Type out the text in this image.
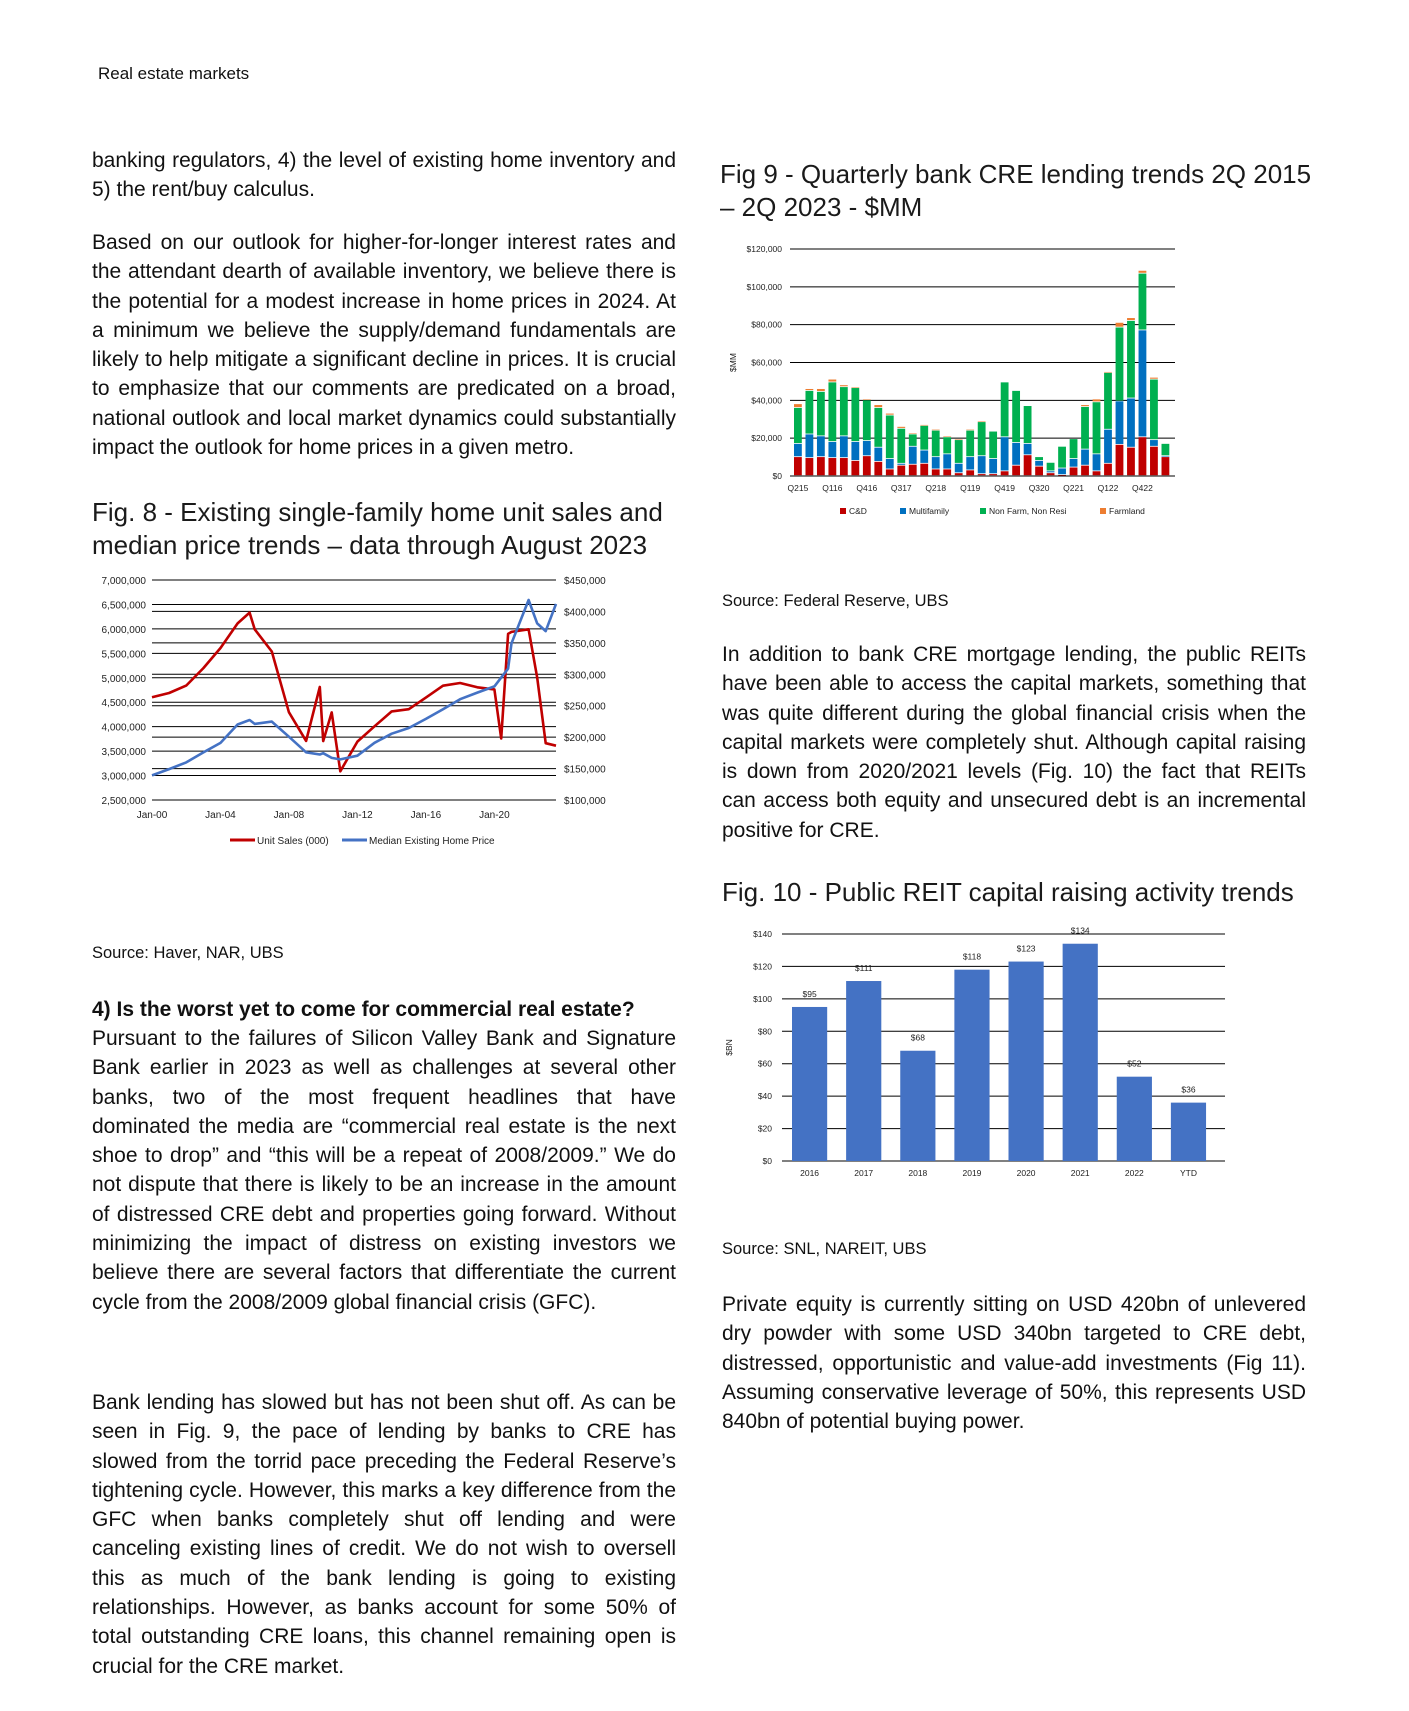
Real estate markets

banking regulators, 4) the level of existing home inventory and 5) the rent/buy calculus.

Based on our outlook for higher-for-longer interest rates and the attendant dearth of available inventory, we believe there is the potential for a modest increase in home prices in 2024. At a minimum we believe the supply/demand fundamentals are likely to help mitigate a significant decline in prices. It is crucial to emphasize that our comments are predicated on a broad, national outlook and local market dynamics could substantially impact the outlook for home prices in a given metro.

Fig. 8 - Existing single-family home unit sales and median price trends – data through August 2023
7,000,000
6,500,000
6,000,000
5,500,000
5,000,000
4,500,000
4,000,000
3,500,000
3,000,000
2,500,000
$450,000
$400,000
$350,000
$300,000
$250,000
$200,000
$150,000
$100,000
Jan-00	Jan-04	Jan-08	Jan-12	Jan-16	Jan-20
Unit Sales (000)	Median Existing Home Price

Source: Haver, NAR, UBS

4) Is the worst yet to come for commercial real estate?

Pursuant to the failures of Silicon Valley Bank and Signature Bank earlier in 2023 as well as challenges at several other banks, two of the most frequent headlines that have dominated the media are “commercial real estate is the next shoe to drop” and “this will be a repeat of 2008/2009.” We do not dispute that there is likely to be an increase in the amount of distressed CRE debt and properties going forward. Without minimizing the impact of distress on existing investors we believe there are several factors that differentiate the current cycle from the 2008/2009 global financial crisis (GFC).

Bank lending has slowed but has not been shut off. As can be seen in Fig. 9, the pace of lending by banks to CRE has slowed from the torrid pace preceding the Federal Reserve’s tightening cycle. However, this marks a key difference from the GFC when banks completely shut off lending and were canceling existing lines of credit. We do not wish to oversell this as much of the bank lending is going to existing relationships. However, as banks account for some 50% of total outstanding CRE loans, this channel remaining open is crucial for the CRE market.

Fig 9 - Quarterly bank CRE lending trends 2Q 2015 – 2Q 2023 - $MM
$120,000
$100,000
$80,000
$60,000
$40,000
$20,000
$0
$MM
Q215 Q116 Q416 Q317 Q218 Q119 Q419 Q320 Q221 Q122 Q422
C&D	Multifamily	Non Farm, Non Resi	Farmland

Source: Federal Reserve, UBS

In addition to bank CRE mortgage lending, the public REITs have been able to access the capital markets, something that was quite different during the global financial crisis when the capital markets were completely shut. Although capital raising is down from 2020/2021 levels (Fig. 10) the fact that REITs can access both equity and unsecured debt is an incremental positive for CRE.

Fig. 10 - Public REIT capital raising activity trends
$140
$120
$100
$80
$60
$40
$20
$0
$BN
$95
2016
$111
2017
$68
2018
$118
2019
$123
2020
$134
2021
$52
2022
$36
YTD

Source: SNL, NAREIT, UBS

Private equity is currently sitting on USD 420bn of unlevered dry powder with some USD 340bn targeted to CRE debt, distressed, opportunistic and value-add investments (Fig 11). Assuming conservative leverage of 50%, this represents USD 840bn of potential buying power.
